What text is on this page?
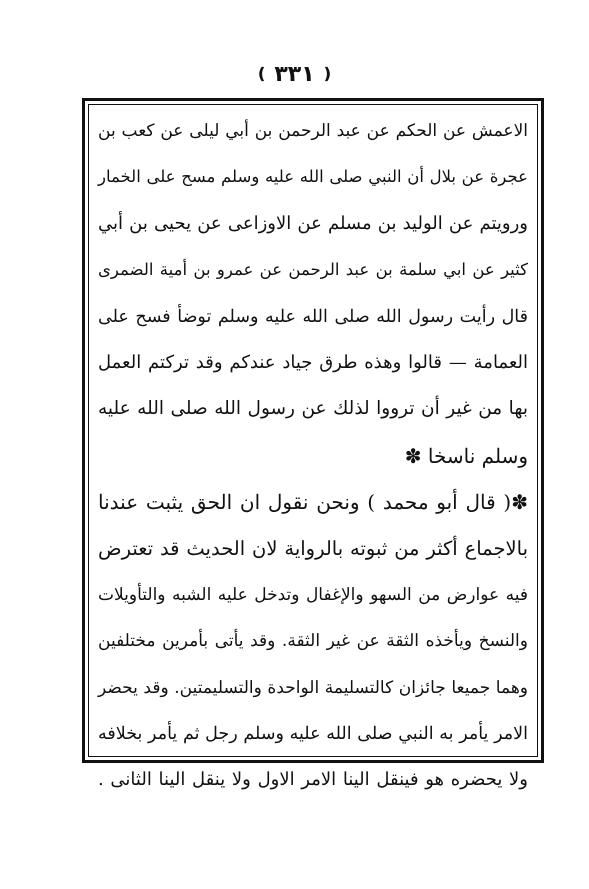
❪ ٣٣١ ❫
الاعمش عن الحكم عن عبد الرحمن بن أبي ليلى عن كعب بن
عجرة عن بلال أن النبي صلى الله عليه وسلم مسح على الخمار
ورويتم عن الوليد بن مسلم عن الاوزاعى عن يحيى بن أبي
كثير عن ابي سلمة بن عبد الرحمن عن عمرو بن أمية الضمرى
قال رأيت رسول الله صلى الله عليه وسلم توضأ فسح على
العمامة — قالوا وهذه طرق جياد عندكم وقد تركتم العمل
بها من غير أن ترووا لذلك عن رسول الله صلى الله عليه
وسلم ناسخا ✽
✽( قال أبو محمد ) ونحن نقول ان الحق يثبت عندنا
بالاجماع أكثر من ثبوته بالرواية لان الحديث قد تعترض
فيه عوارض من السهو والإغفال وتدخل عليه الشبه والتأويلات
والنسخ ويأخذه الثقة عن غير الثقة. وقد يأتى بأمرين مختلفين
وهما جميعا جائزان كالتسليمة الواحدة والتسليمتين. وقد يحضر
الامر يأمر به النبي صلى الله عليه وسلم رجل ثم يأمر بخلافه
ولا يحضره هو فينقل الينا الامر الاول ولا ينقل الينا الثانى .
